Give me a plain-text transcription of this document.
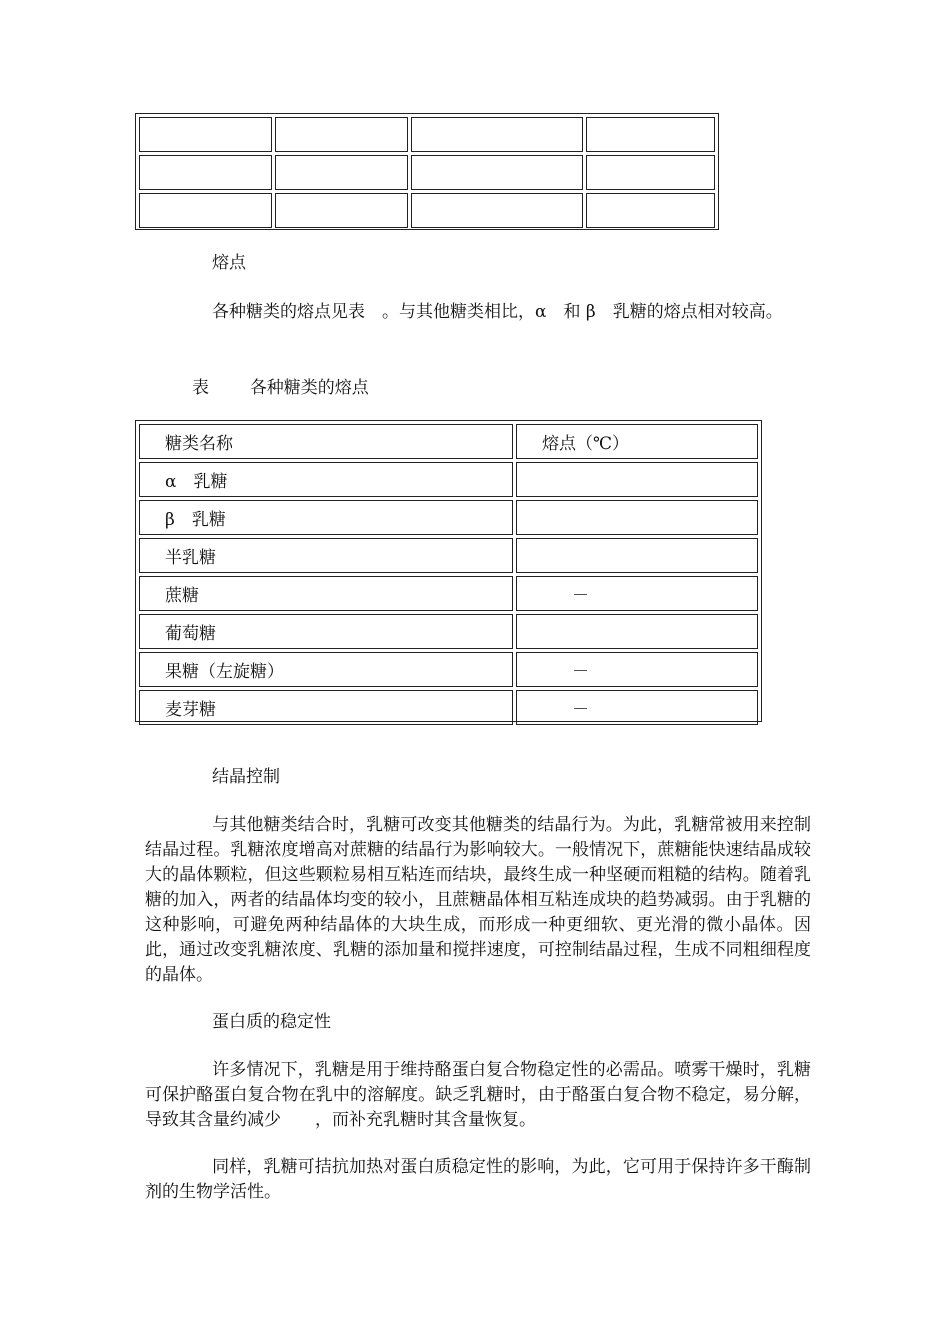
熔点
各种糖类的熔点见表　。与其他糖类相比，α　和 β　乳糖的熔点相对较高。
表 各种糖类的熔点
糖类名称	熔点（℃）
α　乳糖	
β　乳糖	
半乳糖	
蔗糖	－
葡萄糖	
果糖（左旋糖）	－
麦芽糖	－
结晶控制
与其他糖类结合时，乳糖可改变其他糖类的结晶行为。为此，乳糖常被用来控制结晶过程。乳糖浓度增高对蔗糖的结晶行为影响较大。一般情况下，蔗糖能快速结晶成较大的晶体颗粒，但这些颗粒易相互粘连而结块，最终生成一种坚硬而粗糙的结构。随着乳糖的加入，两者的结晶体均变的较小，且蔗糖晶体相互粘连成块的趋势减弱。由于乳糖的这种影响，可避免两种结晶体的大块生成，而形成一种更细软、更光滑的微小晶体。因此，通过改变乳糖浓度、乳糖的添加量和搅拌速度，可控制结晶过程，生成不同粗细程度的晶体。
蛋白质的稳定性
许多情况下，乳糖是用于维持酪蛋白复合物稳定性的必需品。喷雾干燥时，乳糖可保护酪蛋白复合物在乳中的溶解度。缺乏乳糖时，由于酪蛋白复合物不稳定，易分解，导致其含量约减少　　，而补充乳糖时其含量恢复。
同样，乳糖可拮抗加热对蛋白质稳定性的影响，为此，它可用于保持许多干酶制剂的生物学活性。
